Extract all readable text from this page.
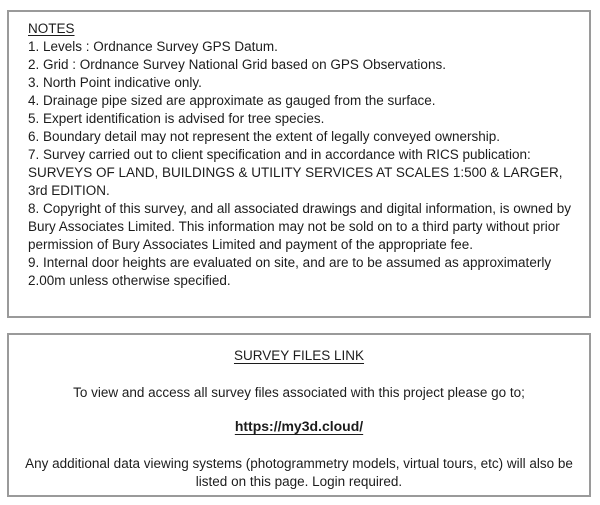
NOTES
1. Levels : Ordnance Survey GPS Datum.
2. Grid : Ordnance Survey National Grid based on GPS Observations.
3. North Point indicative only.
4. Drainage pipe sized are approximate as gauged from the surface.
5. Expert identification is advised for tree species.
6. Boundary detail may not represent the extent of legally conveyed ownership.
7. Survey carried out to client specification and in accordance with RICS publication: SURVEYS OF LAND, BUILDINGS & UTILITY SERVICES AT SCALES 1:500 & LARGER, 3rd EDITION.
8. Copyright of this survey, and all associated drawings and digital information, is owned by Bury Associates Limited. This information may not be sold on to a third party without prior permission of Bury Associates Limited and payment of the appropriate fee.
9. Internal door heights are evaluated on site, and are to be assumed as approximaterly 2.00m unless otherwise specified.
SURVEY FILES LINK
To view and access all survey files associated with this project please go to;
https://my3d.cloud/
Any additional data viewing systems (photogrammetry models, virtual tours, etc) will also be listed on this page. Login required.
